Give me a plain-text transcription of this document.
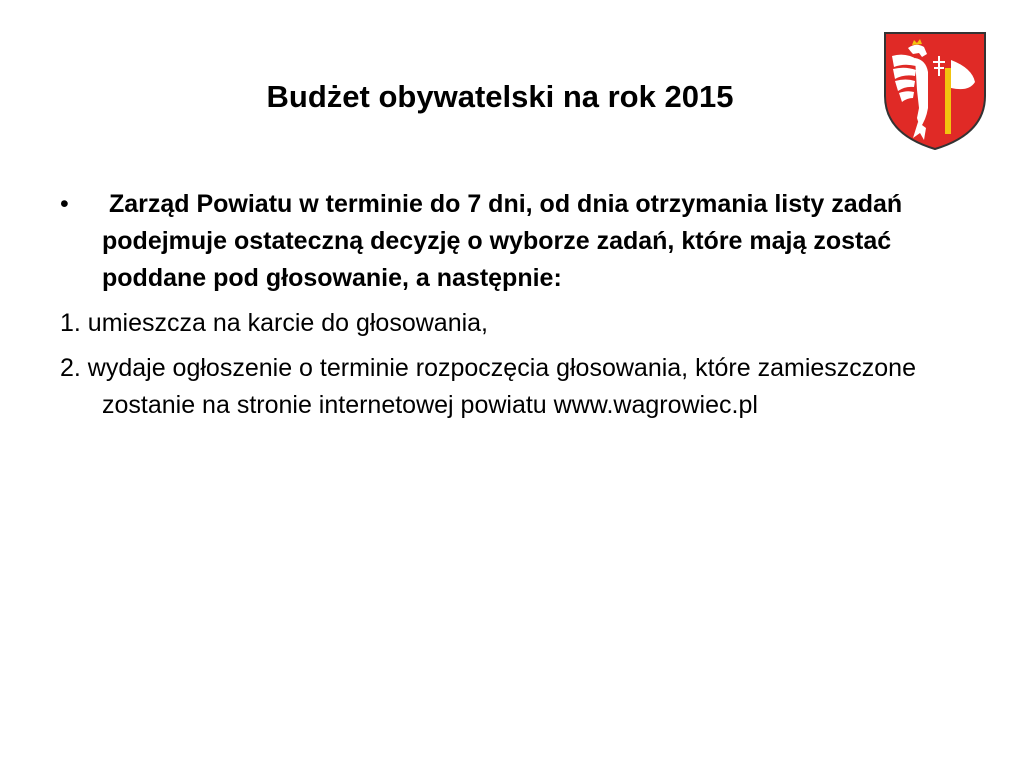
Budżet obywatelski na rok 2015

• Zarząd Powiatu w terminie do 7 dni, od dnia otrzymania listy zadań podejmuje ostateczną decyzję o wyborze zadań, które mają zostać poddane pod głosowanie, a następnie:

1. umieszcza na karcie do głosowania,

2. wydaje ogłoszenie o terminie rozpoczęcia głosowania, które zamieszczone zostanie na stronie internetowej powiatu www.wagrowiec.pl
